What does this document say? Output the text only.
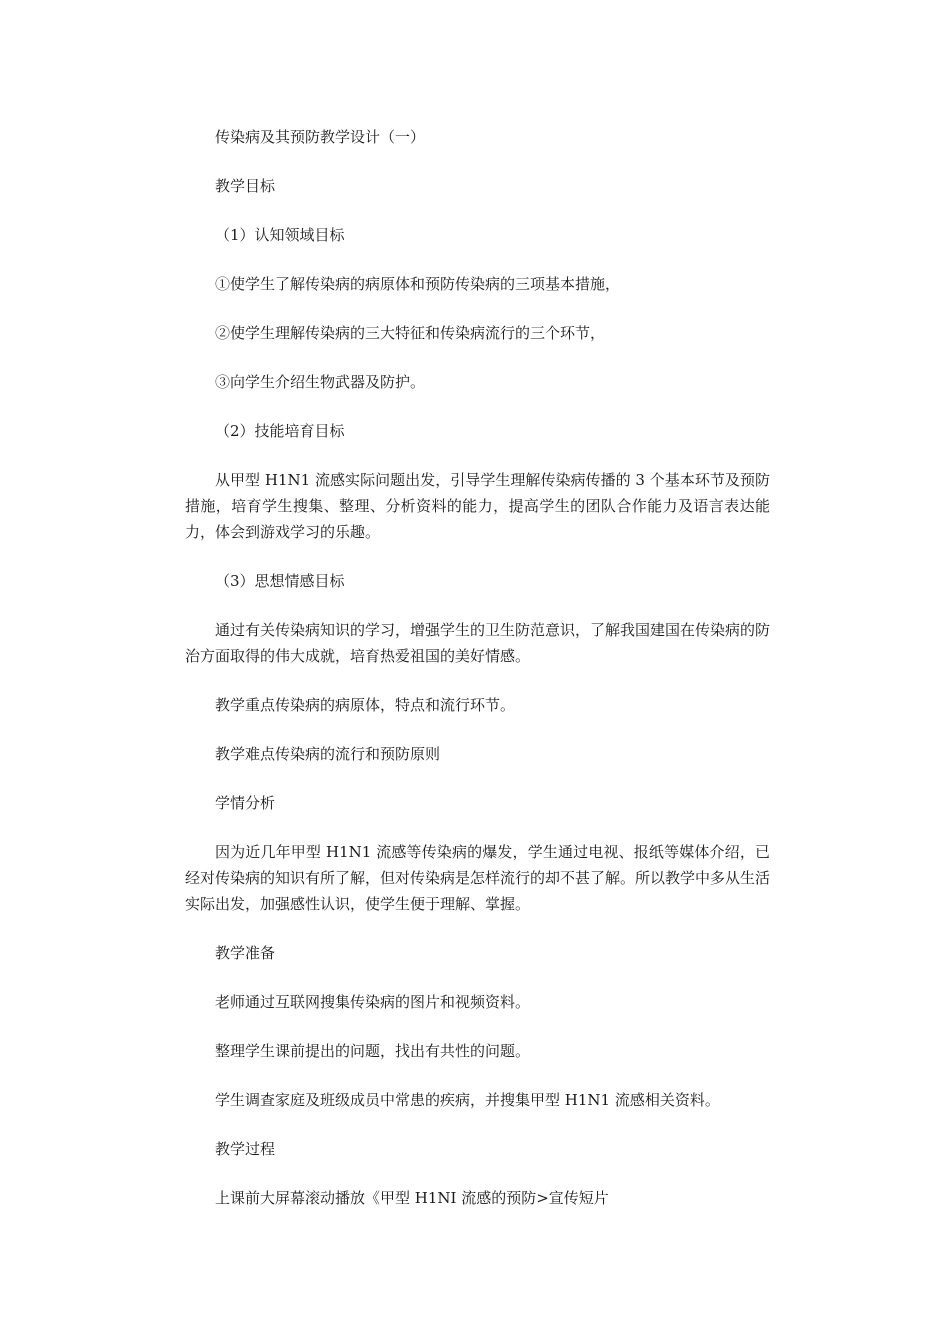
传染病及其预防教学设计（一）

教学目标

（1）认知领域目标

①使学生了解传染病的病原体和预防传染病的三项基本措施，

②使学生理解传染病的三大特征和传染病流行的三个环节，

③向学生介绍生物武器及防护。

（2）技能培育目标

从甲型 H1N1 流感实际问题出发，引导学生理解传染病传播的 3 个基本环节及预防措施，培育学生搜集、整理、分析资料的能力，提高学生的团队合作能力及语言表达能力，体会到游戏学习的乐趣。

（3）思想情感目标

通过有关传染病知识的学习，增强学生的卫生防范意识，了解我国建国在传染病的防治方面取得的伟大成就，培育热爱祖国的美好情感。

教学重点传染病的病原体，特点和流行环节。

教学难点传染病的流行和预防原则

学情分析

因为近几年甲型 H1N1 流感等传染病的爆发，学生通过电视、报纸等媒体介绍，已经对传染病的知识有所了解，但对传染病是怎样流行的却不甚了解。所以教学中多从生活实际出发，加强感性认识，使学生便于理解、掌握。

教学准备

老师通过互联网搜集传染病的图片和视频资料。

整理学生课前提出的问题，找出有共性的问题。

学生调查家庭及班级成员中常患的疾病，并搜集甲型 H1N1 流感相关资料。

教学过程

上课前大屏幕滚动播放《甲型 H1NI 流感的预防>宣传短片
